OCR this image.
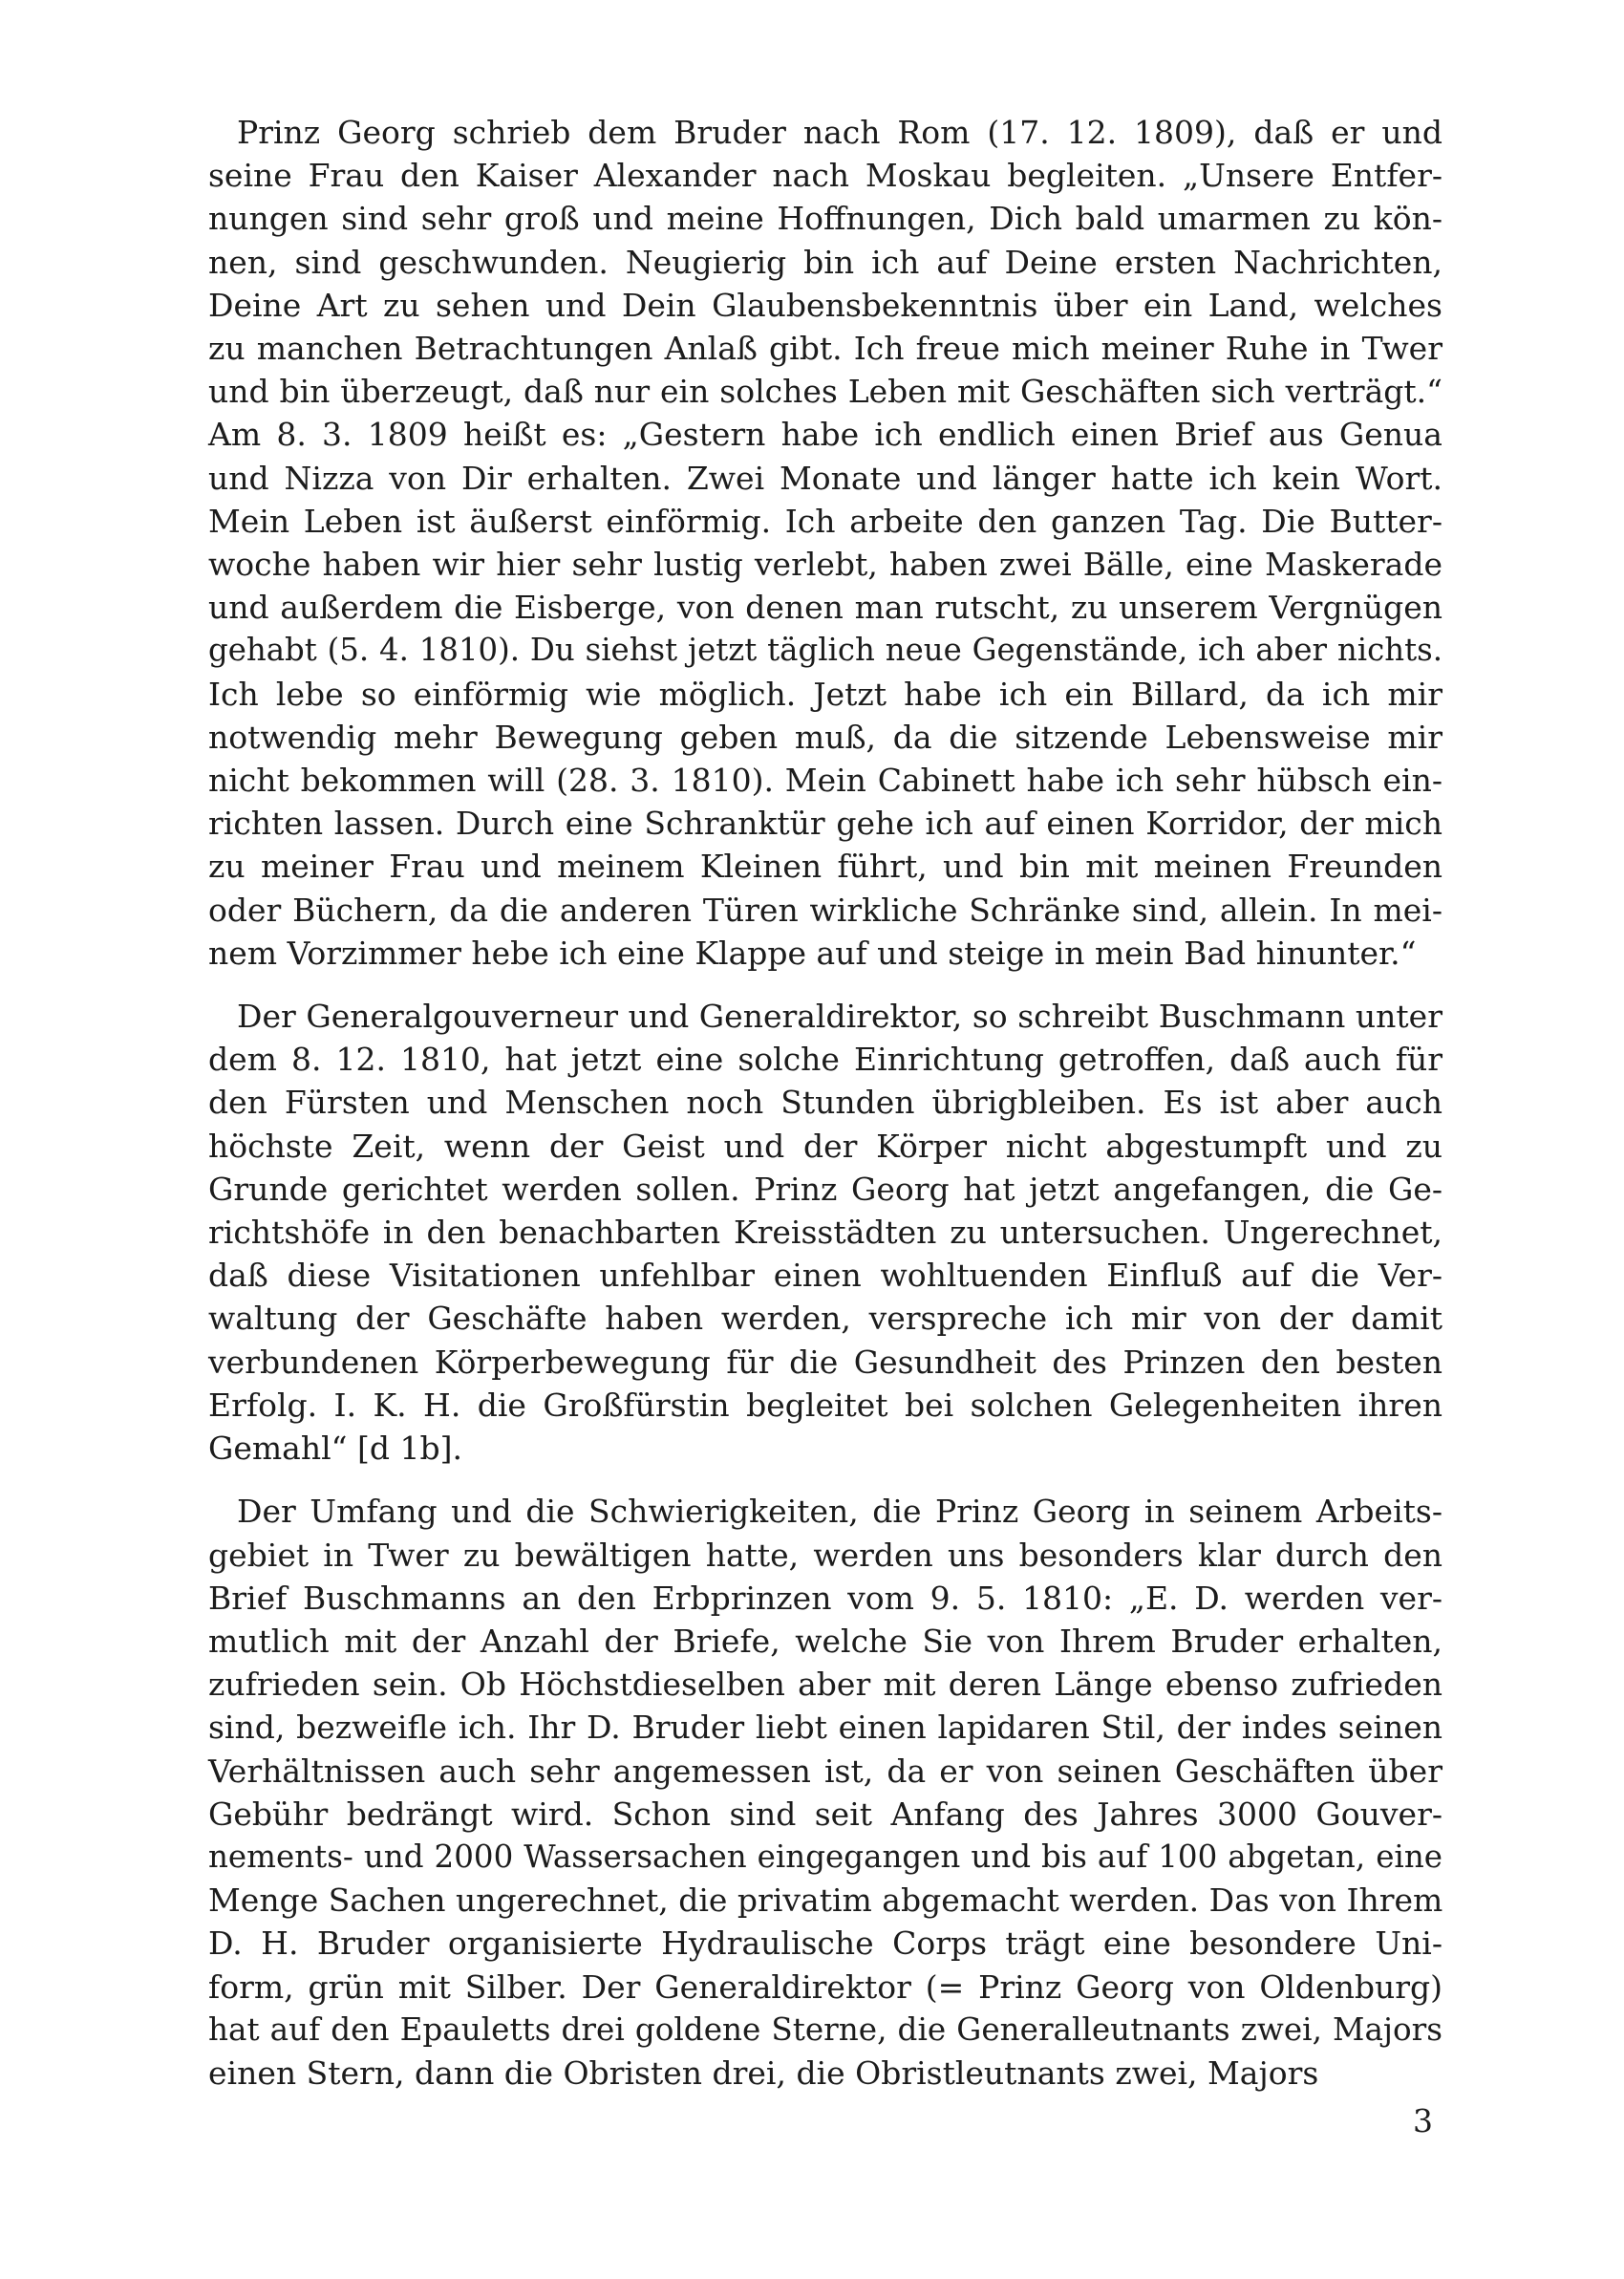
Prinz Georg schrieb dem Bruder nach Rom (17. 12. 1809), daß er und
seine Frau den Kaiser Alexander nach Moskau begleiten. „Unsere Entfer-
nungen sind sehr groß und meine Hoffnungen, Dich bald umarmen zu kön-
nen, sind geschwunden. Neugierig bin ich auf Deine ersten Nachrichten,
Deine Art zu sehen und Dein Glaubensbekenntnis über ein Land, welches
zu manchen Betrachtungen Anlaß gibt. Ich freue mich meiner Ruhe in Twer
und bin überzeugt, daß nur ein solches Leben mit Geschäften sich verträgt.“
Am 8. 3. 1809 heißt es: „Gestern habe ich endlich einen Brief aus Genua
und Nizza von Dir erhalten. Zwei Monate und länger hatte ich kein Wort.
Mein Leben ist äußerst einförmig. Ich arbeite den ganzen Tag. Die Butter-
woche haben wir hier sehr lustig verlebt, haben zwei Bälle, eine Maskerade
und außerdem die Eisberge, von denen man rutscht, zu unserem Vergnügen
gehabt (5. 4. 1810). Du siehst jetzt täglich neue Gegenstände, ich aber nichts.
Ich lebe so einförmig wie möglich. Jetzt habe ich ein Billard, da ich mir
notwendig mehr Bewegung geben muß, da die sitzende Lebensweise mir
nicht bekommen will (28. 3. 1810). Mein Cabinett habe ich sehr hübsch ein-
richten lassen. Durch eine Schranktür gehe ich auf einen Korridor, der mich
zu meiner Frau und meinem Kleinen führt, und bin mit meinen Freunden
oder Büchern, da die anderen Türen wirkliche Schränke sind, allein. In mei-
nem Vorzimmer hebe ich eine Klappe auf und steige in mein Bad hinunter.“
Der Generalgouverneur und Generaldirektor, so schreibt Buschmann unter
dem 8. 12. 1810, hat jetzt eine solche Einrichtung getroffen, daß auch für
den Fürsten und Menschen noch Stunden übrigbleiben. Es ist aber auch
höchste Zeit, wenn der Geist und der Körper nicht abgestumpft und zu
Grunde gerichtet werden sollen. Prinz Georg hat jetzt angefangen, die Ge-
richtshöfe in den benachbarten Kreisstädten zu untersuchen. Ungerechnet,
daß diese Visitationen unfehlbar einen wohltuenden Einfluß auf die Ver-
waltung der Geschäfte haben werden, verspreche ich mir von der damit
verbundenen Körperbewegung für die Gesundheit des Prinzen den besten
Erfolg. I. K. H. die Großfürstin begleitet bei solchen Gelegenheiten ihren
Gemahl“ [d 1b].
Der Umfang und die Schwierigkeiten, die Prinz Georg in seinem Arbeits-
gebiet in Twer zu bewältigen hatte, werden uns besonders klar durch den
Brief Buschmanns an den Erbprinzen vom 9. 5. 1810: „E. D. werden ver-
mutlich mit der Anzahl der Briefe, welche Sie von Ihrem Bruder erhalten,
zufrieden sein. Ob Höchstdieselben aber mit deren Länge ebenso zufrieden
sind, bezweifle ich. Ihr D. Bruder liebt einen lapidaren Stil, der indes seinen
Verhältnissen auch sehr angemessen ist, da er von seinen Geschäften über
Gebühr bedrängt wird. Schon sind seit Anfang des Jahres 3000 Gouver-
nements- und 2000 Wassersachen eingegangen und bis auf 100 abgetan, eine
Menge Sachen ungerechnet, die privatim abgemacht werden. Das von Ihrem
D. H. Bruder organisierte Hydraulische Corps trägt eine besondere Uni-
form, grün mit Silber. Der Generaldirektor (= Prinz Georg von Oldenburg)
hat auf den Epauletts drei goldene Sterne, die Generalleutnants zwei, Majors
einen Stern, dann die Obristen drei, die Obristleutnants zwei, Majors
3
